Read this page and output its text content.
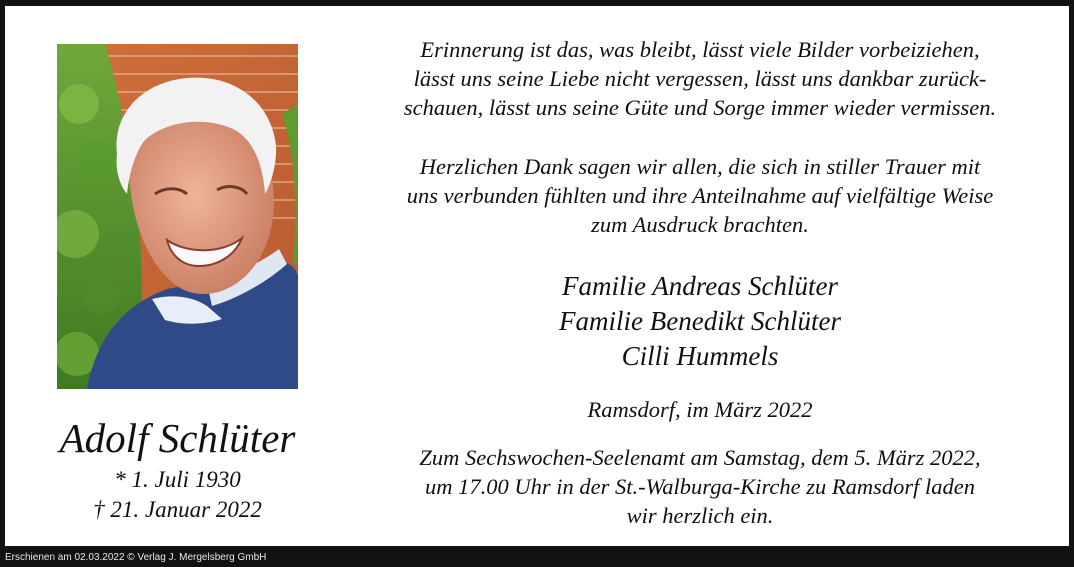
Adolf Schlüter
* 1. Juli 1930
† 21. Januar 2022
Erinnerung ist das, was bleibt, lässt viele Bilder vorbeiziehen,
lässt uns seine Liebe nicht vergessen, lässt uns dankbar zurück-
schauen, lässt uns seine Güte und Sorge immer wieder vermissen.
Herzlichen Dank sagen wir allen, die sich in stiller Trauer mit
uns verbunden fühlten und ihre Anteilnahme auf vielfältige Weise
zum Ausdruck brachten.
Familie Andreas Schlüter
Familie Benedikt Schlüter
Cilli Hummels
Ramsdorf, im März 2022
Zum Sechswochen-Seelenamt am Samstag, dem 5. März 2022,
um 17.00 Uhr in der St.-Walburga-Kirche zu Ramsdorf laden
wir herzlich ein.
Erschienen am 02.03.2022 © Verlag J. Mergelsberg GmbH
